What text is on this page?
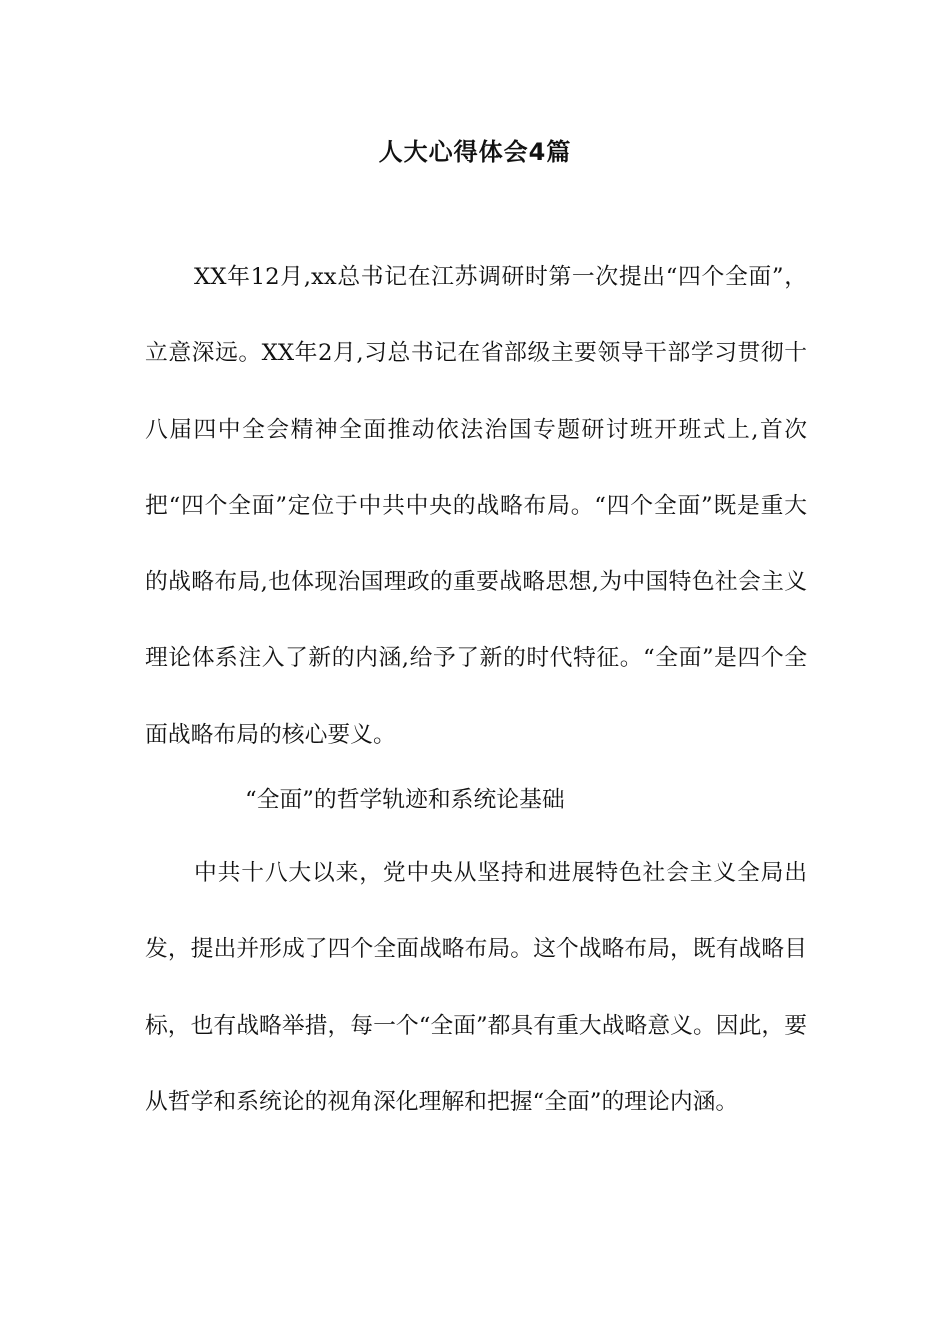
人大心得体会4篇

XX年12月,xx总书记在江苏调研时第一次提出“四个全面”，立意深远。XX年2月,习总书记在省部级主要领导干部学习贯彻十八届四中全会精神全面推动依法治国专题研讨班开班式上,首次把“四个全面”定位于中共中央的战略布局。“四个全面”既是重大的战略布局,也体现治国理政的重要战略思想,为中国特色社会主义理论体系注入了新的内涵,给予了新的时代特征。“全面”是四个全面战略布局的核心要义。

“全面”的哲学轨迹和系统论基础

中共十八大以来，党中央从坚持和进展特色社会主义全局出发，提出并形成了四个全面战略布局。这个战略布局，既有战略目标，也有战略举措，每一个“全面”都具有重大战略意义。因此，要从哲学和系统论的视角深化理解和把握“全面”的理论内涵。
